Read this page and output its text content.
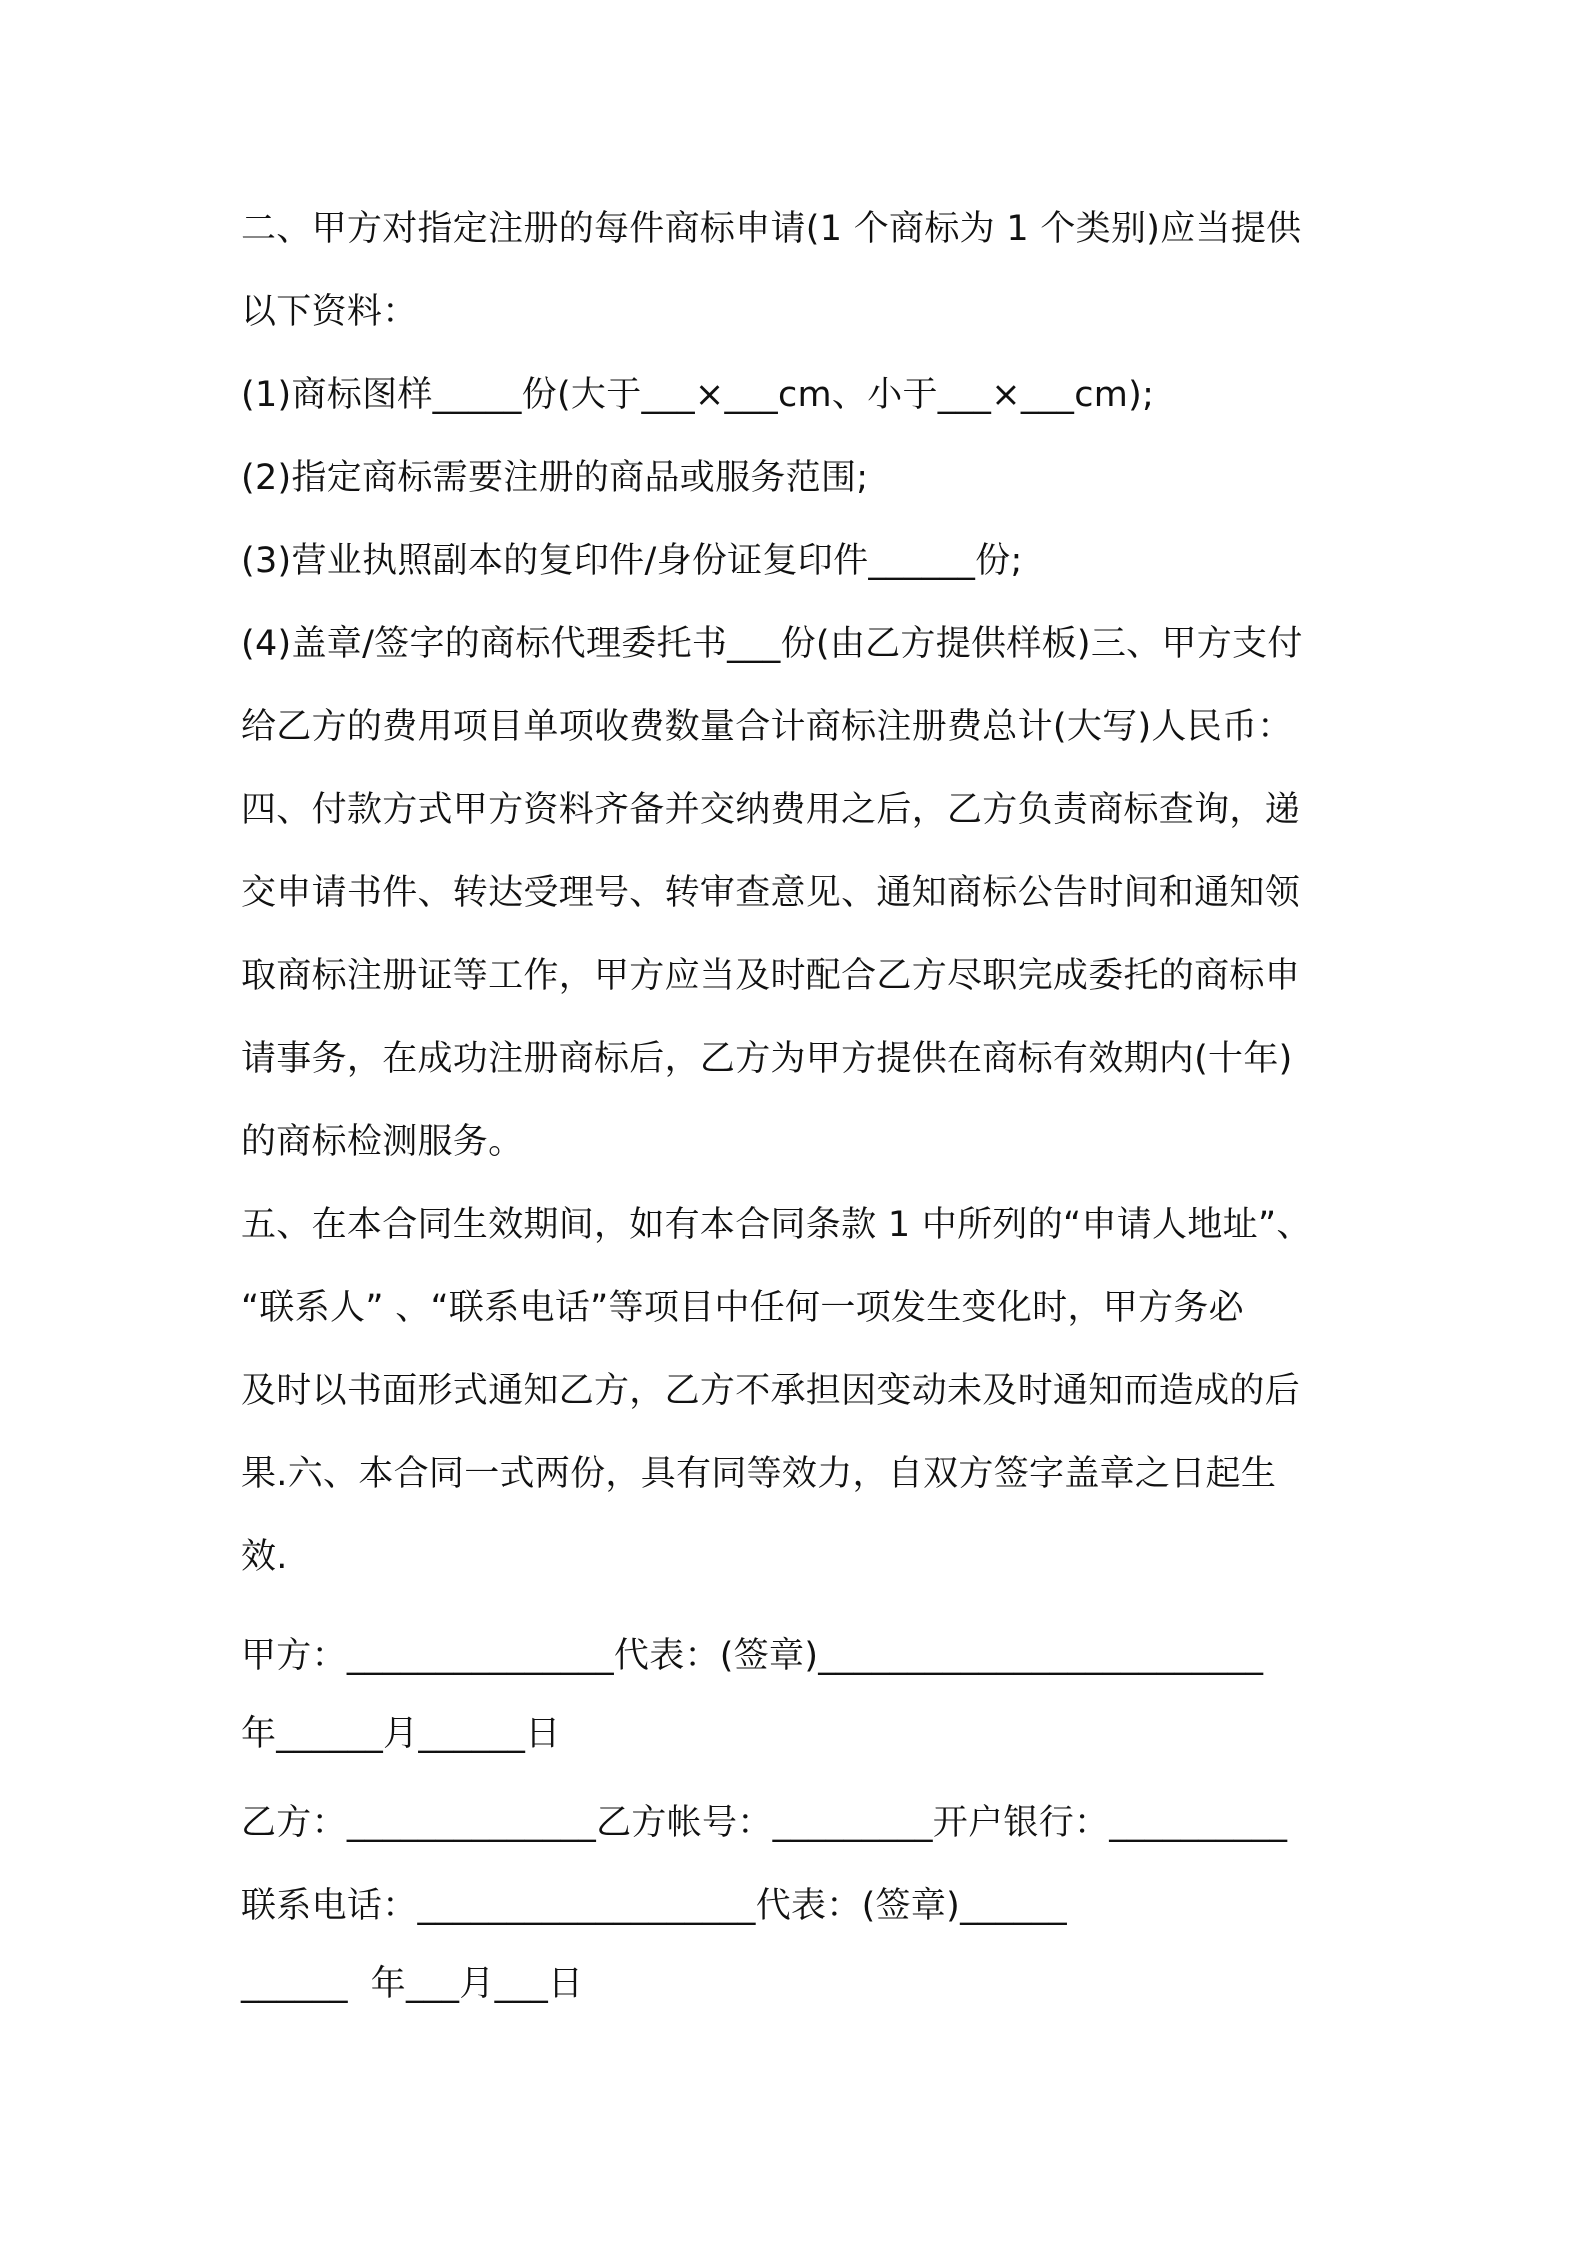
二、甲方对指定注册的每件商标申请(1 个商标为 1 个类别)应当提供
以下资料：
(1)商标图样_____份(大于___×___cm、小于___×___cm);
(2)指定商标需要注册的商品或服务范围;
(3)营业执照副本的复印件/身份证复印件______份;
(4)盖章/签字的商标代理委托书___份(由乙方提供样板)三、甲方支付
给乙方的费用项目单项收费数量合计商标注册费总计(大写)人民币：
四、付款方式甲方资料齐备并交纳费用之后，乙方负责商标查询，递
交申请书件、转达受理号、转审查意见、通知商标公告时间和通知领
取商标注册证等工作，甲方应当及时配合乙方尽职完成委托的商标申
请事务，在成功注册商标后，乙方为甲方提供在商标有效期内(十年)
的商标检测服务。
五、在本合同生效期间，如有本合同条款 1 中所列的“申请人地址”、
“联系人” 、“联系电话”等项目中任何一项发生变化时，甲方务必
及时以书面形式通知乙方，乙方不承担因变动未及时通知而造成的后
果.六、本合同一式两份，具有同等效力，自双方签字盖章之日起生
效.
甲方：_______________代表：(签章)_________________________
年______月______日
乙方：______________乙方帐号：_________开户银行：__________
联系电话：___________________代表：(签章)______
______  年___月___日
